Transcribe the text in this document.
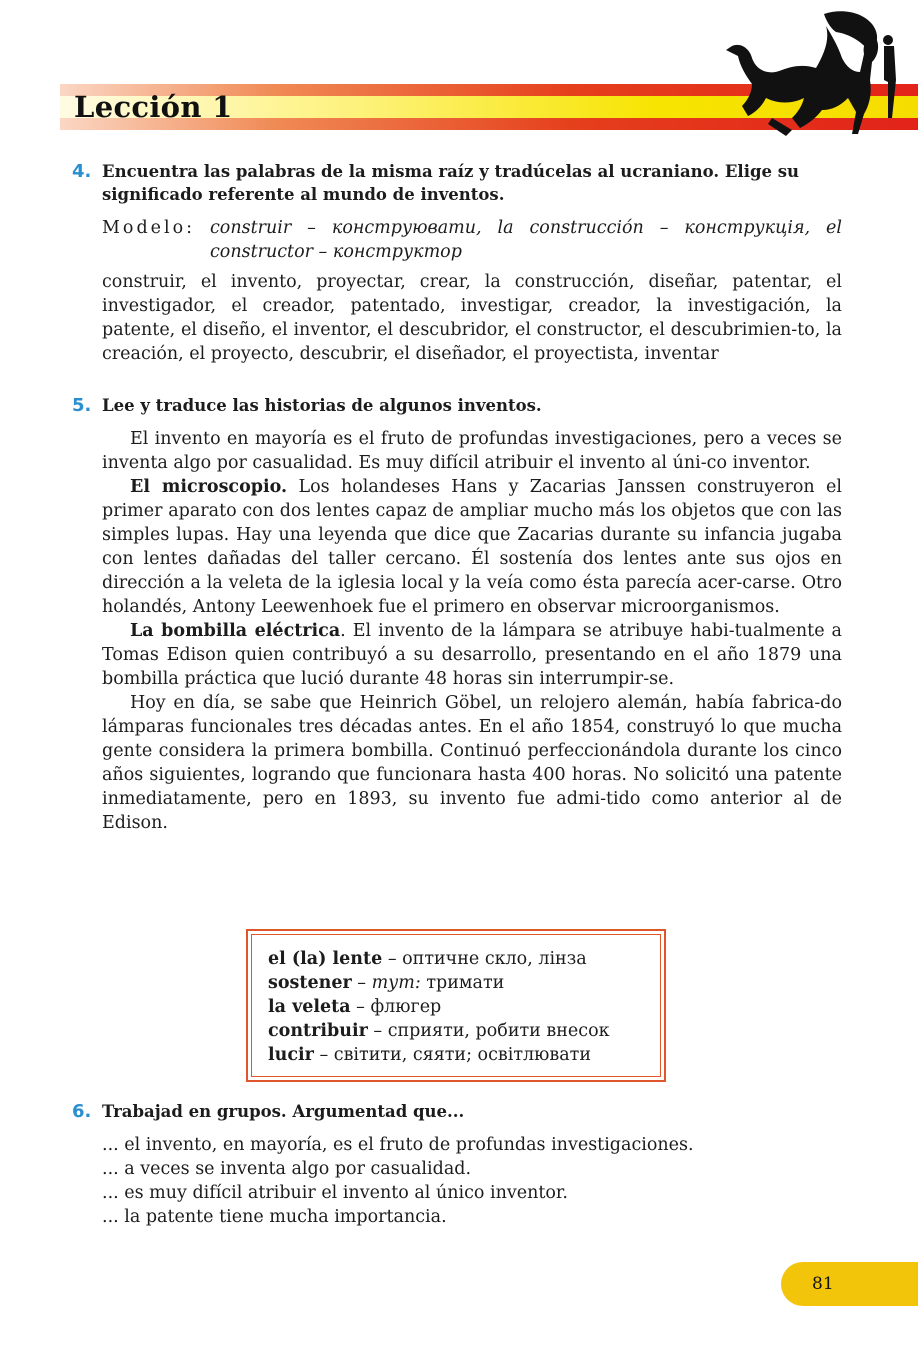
Lección 1
4. Encuentra las palabras de la misma raíz y tradúcelas al ucraniano. Elige su significado referente al mundo de inventos.
Modelo: construir – конструювати, la construcción – конструкція, el constructor – конструктор

construir, el invento, proyectar, crear, la construcción, diseñar, patentar, el investigador, el creador, patentado, investigar, creador, la investigación, la patente, el diseño, el inventor, el descubridor, el constructor, el descubrimien-to, la creación, el proyecto, descubrir, el diseñador, el proyectista, inventar

5. Lee y traduce las historias de algunos inventos.

El invento en mayoría es el fruto de profundas investigaciones, pero a veces se inventa algo por casualidad. Es muy difícil atribuir el invento al úni-co inventor.

El microscopio. Los holandeses Hans y Zacarias Janssen construyeron el primer aparato con dos lentes capaz de ampliar mucho más los objetos que con las simples lupas. Hay una leyenda que dice que Zacarias durante su infancia jugaba con lentes dañadas del taller cercano. Él sostenía dos lentes ante sus ojos en dirección a la veleta de la iglesia local y la veía como ésta parecía acer-carse. Otro holandés, Antony Leewenhoek fue el primero en observar microorganismos.

La bombilla eléctrica. El invento de la lámpara se atribuye habi-tualmente a Tomas Edison quien contribuyó a su desarrollo, presentando en el año 1879 una bombilla práctica que lució durante 48 horas sin interrumpir-se.

Hoy en día, se sabe que Heinrich Göbel, un relojero alemán, había fabrica-do lámparas funcionales tres décadas antes. En el año 1854, construyó lo que mucha gente considera la primera bombilla. Continuó perfeccionándola durante los cinco años siguientes, logrando que funcionara hasta 400 horas. No solicitó una patente inmediatamente, pero en 1893, su invento fue admi-tido como anterior al de Edison.

el (la) lente – оптичне скло, лінза
sostener – тут: тримати
la veleta – флюгер
contribuir – сприяти, робити внесок
lucir – світити, сяяти; освітлювати
6. Trabajad en grupos. Argumentad que...
... el invento, en mayoría, es el fruto de profundas investigaciones.
... a veces se inventa algo por casualidad.
... es muy difícil atribuir el invento al único inventor.
... la patente tiene mucha importancia.
81
